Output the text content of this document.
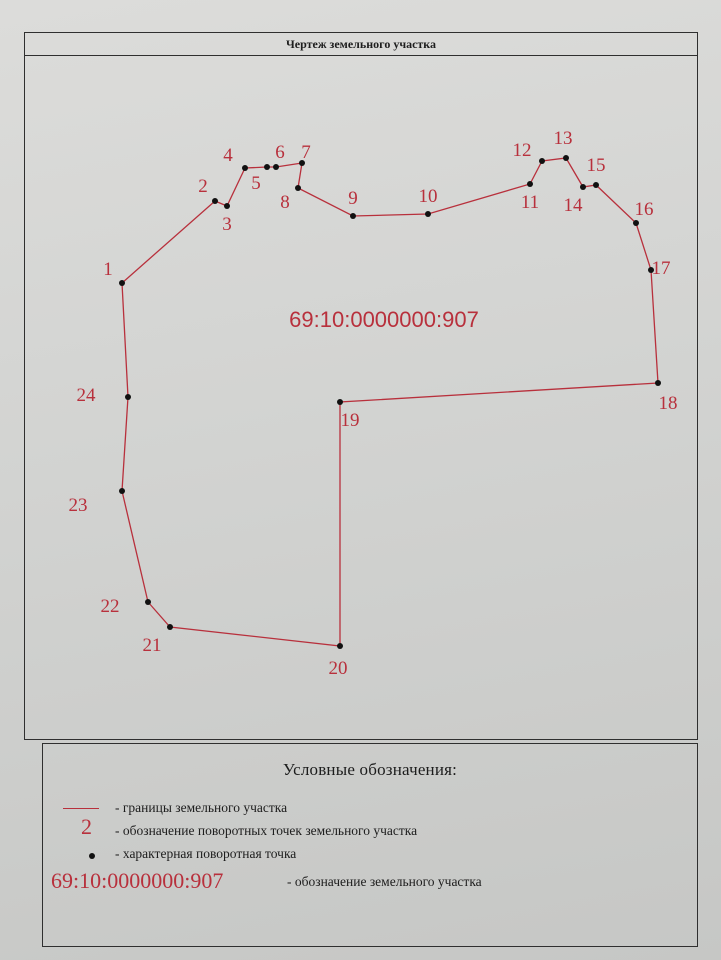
Чертеж земельного участка
1
2
3
4
5
6 7
8	9	10	11
12
13
14
15
16
17
18
19
20
21
22
23
24
69:10:0000000:907
Условные обозначения:
- границы земельного участка
2 - обозначение поворотных точек земельного участка
- характерная поворотная точка
69:10:0000000:907	- обозначение земельного участка
